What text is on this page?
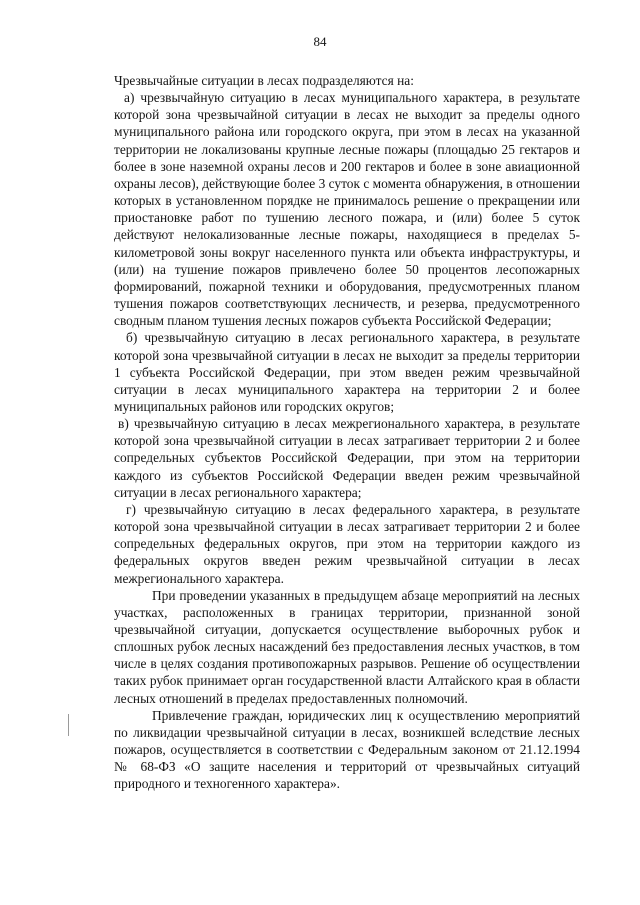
84

Чрезвычайные ситуации в лесах подразделяются на:

а) чрезвычайную ситуацию в лесах муниципального характера, в результате которой зона чрезвычайной ситуации в лесах не выходит за пределы одного муниципального района или городского округа, при этом в лесах на указанной территории не локализованы крупные лесные пожары (площадью 25 гектаров и более в зоне наземной охраны лесов и 200 гектаров и более в зоне авиационной охраны лесов), действующие более 3 суток с момента обнаружения, в отношении которых в установленном порядке не принималось решение о прекращении или приостановке работ по тушению лесного пожара, и (или) более 5 суток действуют нелокализованные лесные пожары, находящиеся в пределах 5-километровой зоны вокруг населенного пункта или объекта инфраструктуры, и (или) на тушение пожаров привлечено более 50 процентов лесопожарных формирований, пожарной техники и оборудования, предусмотренных планом тушения пожаров соответствующих лесничеств, и резерва, предусмотренного сводным планом тушения лесных пожаров субъекта Российской Федерации;

б) чрезвычайную ситуацию в лесах регионального характера, в результате которой зона чрезвычайной ситуации в лесах не выходит за пределы территории 1 субъекта Российской Федерации, при этом введен режим чрезвычайной ситуации в лесах муниципального характера на территории 2 и более муниципальных районов или городских округов;

в) чрезвычайную ситуацию в лесах межрегионального характера, в результате которой зона чрезвычайной ситуации в лесах затрагивает территории 2 и более сопредельных субъектов Российской Федерации, при этом на территории каждого из субъектов Российской Федерации введен режим чрезвычайной ситуации в лесах регионального характера;

г) чрезвычайную ситуацию в лесах федерального характера, в результате которой зона чрезвычайной ситуации в лесах затрагивает территории 2 и более сопредельных федеральных округов, при этом на территории каждого из федеральных округов введен режим чрезвычайной ситуации в лесах межрегионального характера.

При проведении указанных в предыдущем абзаце мероприятий на лесных участках, расположенных в границах территории, признанной зоной чрезвычайной ситуации, допускается осуществление выборочных рубок и сплошных рубок лесных насаждений без предоставления лесных участков, в том числе в целях создания противопожарных разрывов. Решение об осуществлении таких рубок принимает орган государственной власти Алтайского края в области лесных отношений в пределах предоставленных полномочий.

Привлечение граждан, юридических лиц к осуществлению мероприятий по ликвидации чрезвычайной ситуации в лесах, возникшей вследствие лесных пожаров, осуществляется в соответствии с Федеральным законом от 21.12.1994 № 68-ФЗ «О защите населения и территорий от чрезвычайных ситуаций природного и техногенного характера».
